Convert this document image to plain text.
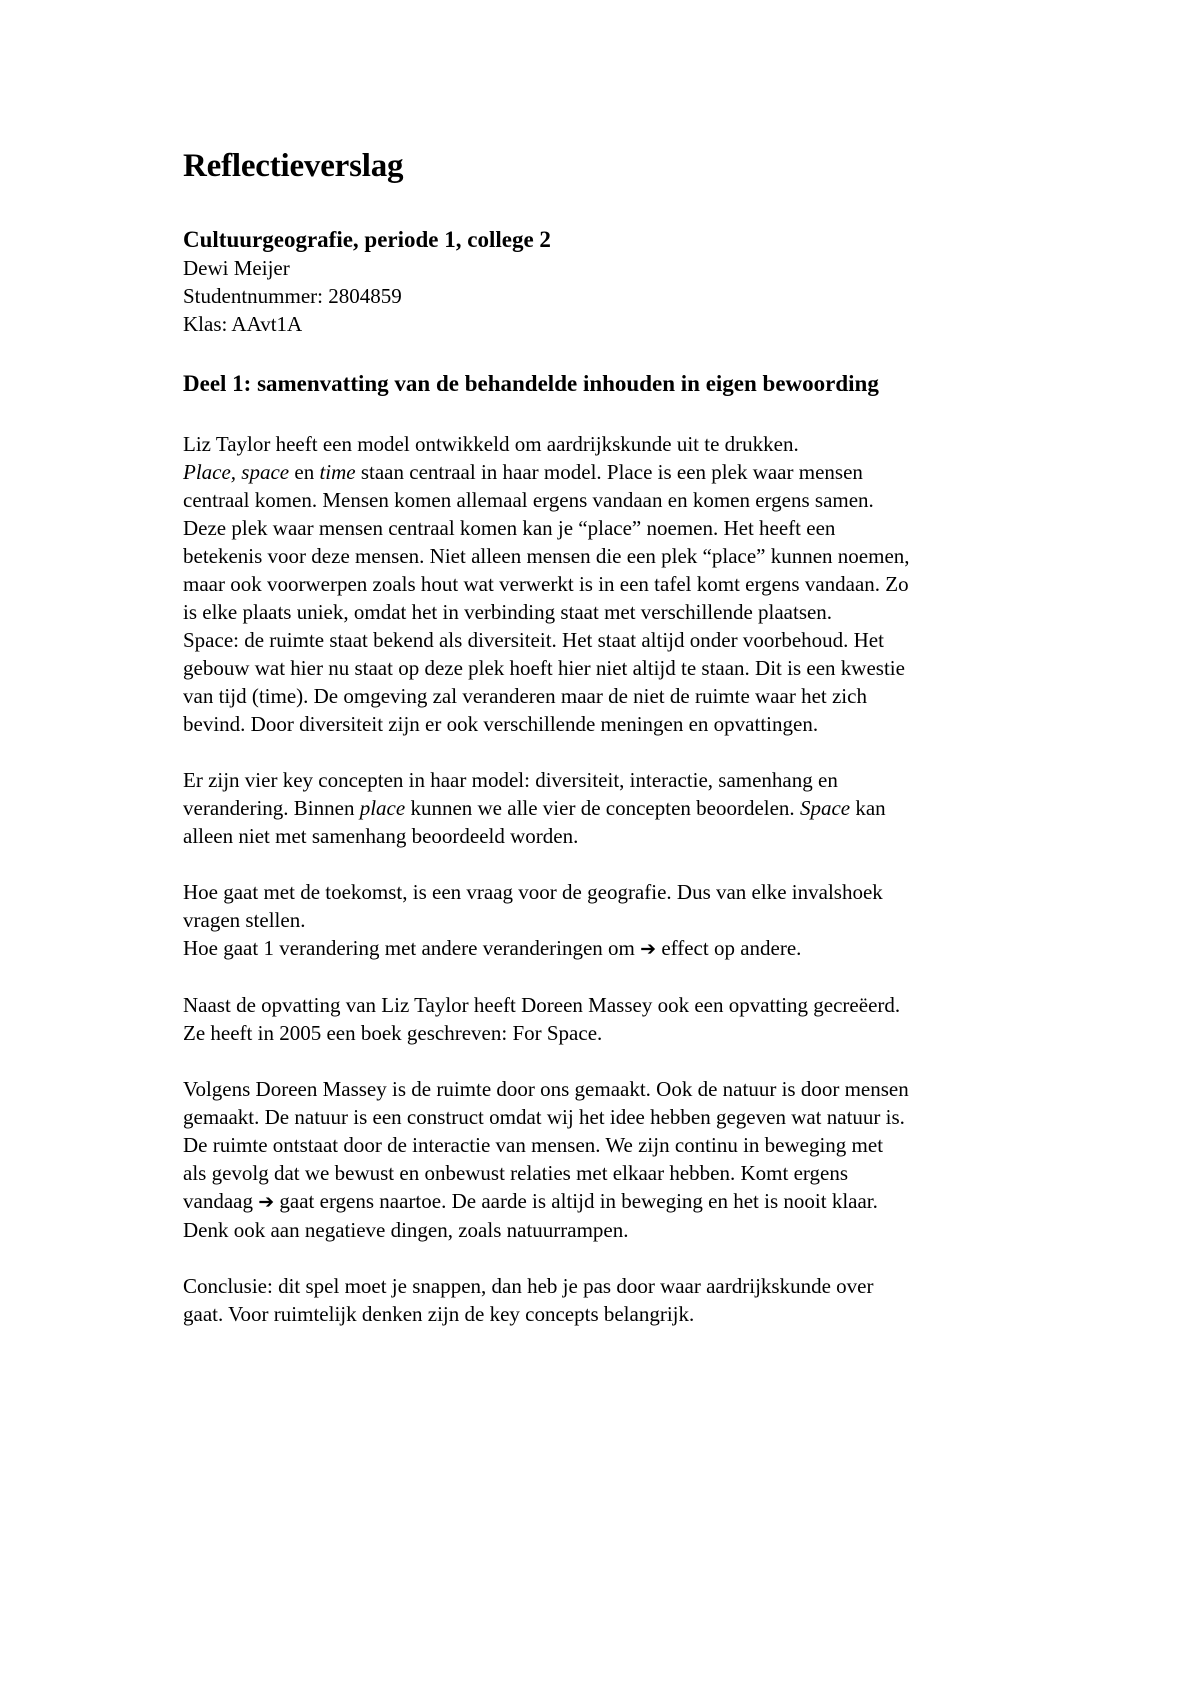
Reflectieverslag
Cultuurgeografie, periode 1, college 2

Dewi Meijer

Studentnummer: 2804859

Klas: AAvt1A

Deel 1: samenvatting van de behandelde inhouden in eigen bewoording

Liz Taylor heeft een model ontwikkeld om aardrijkskunde uit te drukken.
Place, space en time staan centraal in haar model. Place is een plek waar mensen
centraal komen. Mensen komen allemaal ergens vandaan en komen ergens samen.
Deze plek waar mensen centraal komen kan je “place” noemen. Het heeft een
betekenis voor deze mensen. Niet alleen mensen die een plek “place” kunnen noemen,
maar ook voorwerpen zoals hout wat verwerkt is in een tafel komt ergens vandaan. Zo
is elke plaats uniek, omdat het in verbinding staat met verschillende plaatsen.
Space: de ruimte staat bekend als diversiteit. Het staat altijd onder voorbehoud. Het
gebouw wat hier nu staat op deze plek hoeft hier niet altijd te staan. Dit is een kwestie
van tijd (time). De omgeving zal veranderen maar de niet de ruimte waar het zich
bevind. Door diversiteit zijn er ook verschillende meningen en opvattingen.

Er zijn vier key concepten in haar model: diversiteit, interactie, samenhang en
verandering. Binnen place kunnen we alle vier de concepten beoordelen. Space kan
alleen niet met samenhang beoordeeld worden.

Hoe gaat met de toekomst, is een vraag voor de geografie. Dus van elke invalshoek
vragen stellen.
Hoe gaat 1 verandering met andere veranderingen om ➔ effect op andere.

Naast de opvatting van Liz Taylor heeft Doreen Massey ook een opvatting gecreëerd.
Ze heeft in 2005 een boek geschreven: For Space.

Volgens Doreen Massey is de ruimte door ons gemaakt. Ook de natuur is door mensen
gemaakt. De natuur is een construct omdat wij het idee hebben gegeven wat natuur is.
De ruimte ontstaat door de interactie van mensen. We zijn continu in beweging met
als gevolg dat we bewust en onbewust relaties met elkaar hebben. Komt ergens
vandaag ➔ gaat ergens naartoe. De aarde is altijd in beweging en het is nooit klaar.
Denk ook aan negatieve dingen, zoals natuurrampen.

Conclusie: dit spel moet je snappen, dan heb je pas door waar aardrijkskunde over
gaat. Voor ruimtelijk denken zijn de key concepts belangrijk.
